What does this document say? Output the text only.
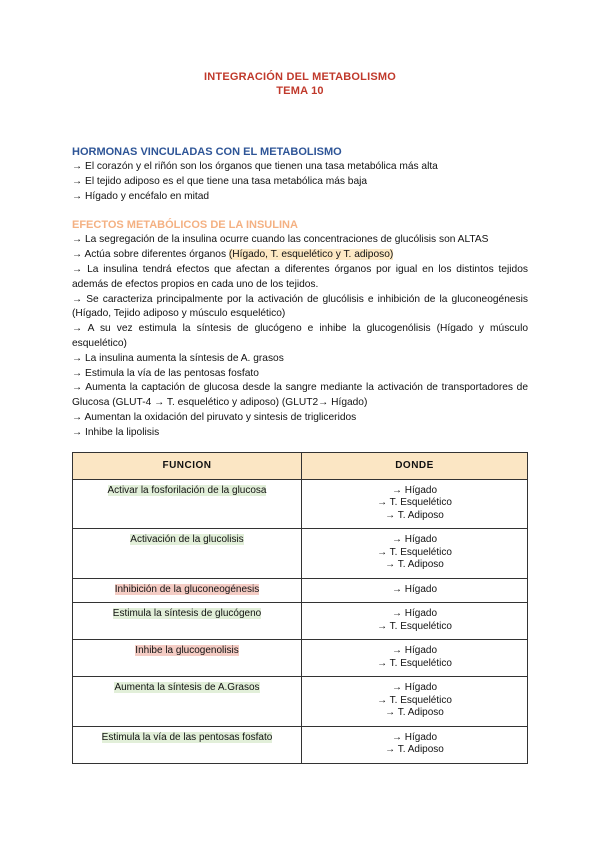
INTEGRACIÓN DEL METABOLISMO
TEMA 10
HORMONAS VINCULADAS CON EL METABOLISMO

→ El corazón y el riñón son los órganos que tienen una tasa metabólica más alta

→ El tejido adiposo es el que tiene una tasa metabólica más baja

→ Hígado y encéfalo en mitad

EFECTOS METABÓLICOS DE LA INSULINA

→ La segregación de la insulina ocurre cuando las concentraciones de glucólisis son ALTAS

→ Actúa sobre diferentes órganos (Hígado, T. esquelético y T. adiposo)

→ La insulina tendrá efectos que afectan a diferentes órganos por igual en los distintos tejidos además de efectos propios en cada uno de los tejidos.

→ Se caracteriza principalmente por la activación de glucólisis e inhibición de la gluconeogénesis (Hígado, Tejido adiposo y músculo esquelético)

→ A su vez estimula la síntesis de glucógeno e inhibe la glucogenólisis (Hígado y músculo esquelético)

→ La insulina aumenta la síntesis de A. grasos

→ Estimula la vía de las pentosas fosfato

→ Aumenta la captación de glucosa desde la sangre mediante la activación de transportadores de Glucosa (GLUT-4 → T. esquelético y adiposo) (GLUT2→ Hígado)

→ Aumentan la oxidación del piruvato y sintesis de trigliceridos

→ Inhibe la lipolisis

FUNCION	DONDE
Activar la fosforilación de la glucosa	→ Hígado
→ T. Esquelético
→ T. Adiposo

Activación de la glucolisis	→ Hígado
→ T. Esquelético
→ T. Adiposo

Inhibición de la gluconeogénesis	→ Hígado

Estimula la síntesis de glucógeno	→ Hígado
→ T. Esquelético

Inhibe la glucogenolisis	→ Hígado
→ T. Esquelético

Aumenta la síntesis de A.Grasos	→ Hígado
→ T. Esquelético
→ T. Adiposo

Estimula la vía de las pentosas fosfato	→ Hígado
→ T. Adiposo
